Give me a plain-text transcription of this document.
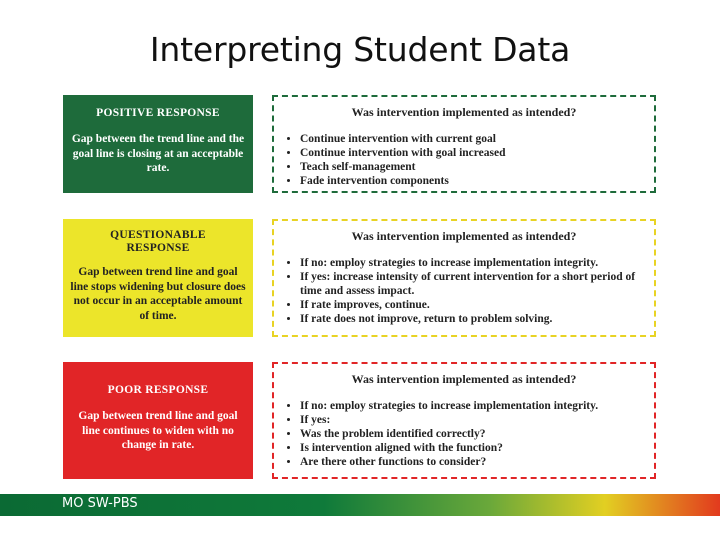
Interpreting Student Data
POSITIVE RESPONSE
Gap between the trend line and the goal line is closing at an acceptable rate.
Was intervention implemented as intended?
• Continue intervention with current goal
• Continue intervention with goal increased
• Teach self-management
• Fade intervention components
QUESTIONABLE RESPONSE
Gap between trend line and goal line stops widening but closure does not occur in an acceptable amount of time.
Was intervention implemented as intended?
• If no: employ strategies to increase implementation integrity.
• If yes: increase intensity of current intervention for a short period of time and assess impact.
• If rate improves, continue.
• If rate does not improve, return to problem solving.
POOR RESPONSE
Gap between trend line and goal line continues to widen with no change in rate.
Was intervention implemented as intended?
• If no: employ strategies to increase implementation integrity.
• If yes:
• Was the problem identified correctly?
• Is intervention aligned with the function?
• Are there other functions to consider?
MO SW-PBS
